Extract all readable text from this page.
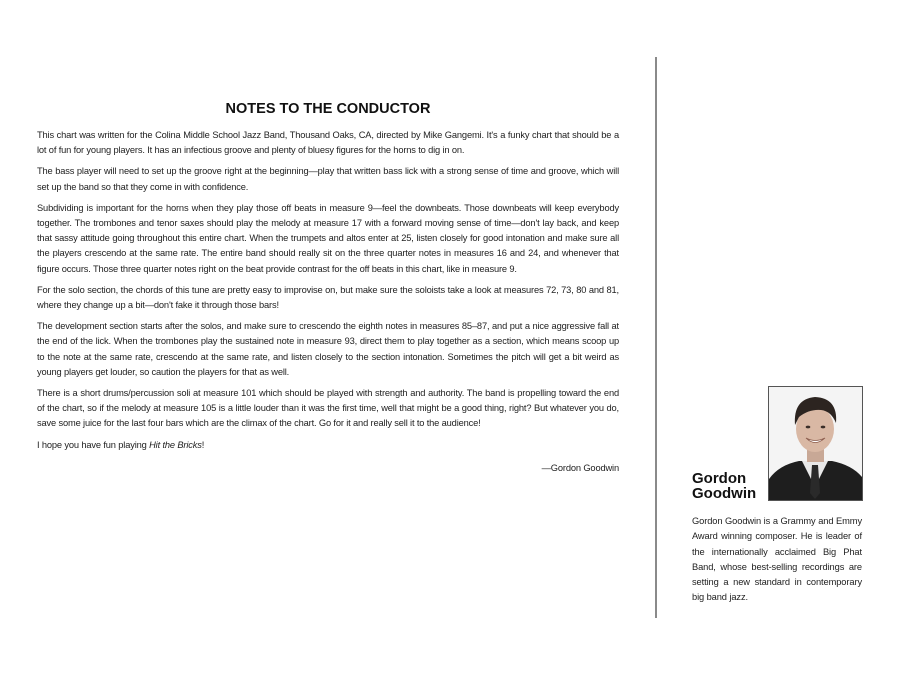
NOTES TO THE CONDUCTOR

This chart was written for the Colina Middle School Jazz Band, Thousand Oaks, CA, directed by Mike Gangemi. It's a funky chart that should be a lot of fun for young players. It has an infectious groove and plenty of bluesy figures for the horns to dig in on.

The bass player will need to set up the groove right at the beginning—play that written bass lick with a strong sense of time and groove, which will set up the band so that they come in with confidence.

Subdividing is important for the horns when they play those off beats in measure 9—feel the downbeats. Those downbeats will keep everybody together. The trombones and tenor saxes should play the melody at measure 17 with a forward moving sense of time—don't lay back, and keep that sassy attitude going throughout this entire chart. When the trumpets and altos enter at 25, listen closely for good intonation and make sure all the players crescendo at the same rate. The entire band should really sit on the three quarter notes in measures 16 and 24, and whenever that figure occurs. Those three quarter notes right on the beat provide contrast for the off beats in this chart, like in measure 9.

For the solo section, the chords of this tune are pretty easy to improvise on, but make sure the soloists take a look at measures 72, 73, 80 and 81, where they change up a bit—don't fake it through those bars!

The development section starts after the solos, and make sure to crescendo the eighth notes in measures 85–87, and put a nice aggressive fall at the end of the lick. When the trombones play the sustained note in measure 93, direct them to play together as a section, which means scoop up to the note at the same rate, crescendo at the same rate, and listen closely to the section intonation. Sometimes the pitch will get a bit weird as young players get louder, so caution the players for that as well.

There is a short drums/percussion soli at measure 101 which should be played with strength and authority. The band is propelling toward the end of the chart, so if the melody at measure 105 is a little louder than it was the first time, well that might be a good thing, right? But whatever you do, save some juice for the last four bars which are the climax of the chart. Go for it and really sell it to the audience!

I hope you have fun playing Hit the Bricks!

—Gordon Goodwin

Gordon
Goodwin
Gordon Goodwin is a Grammy and Emmy Award winning composer. He is leader of the internationally acclaimed Big Phat Band, whose best-selling recordings are setting a new standard in contemporary big band jazz.
